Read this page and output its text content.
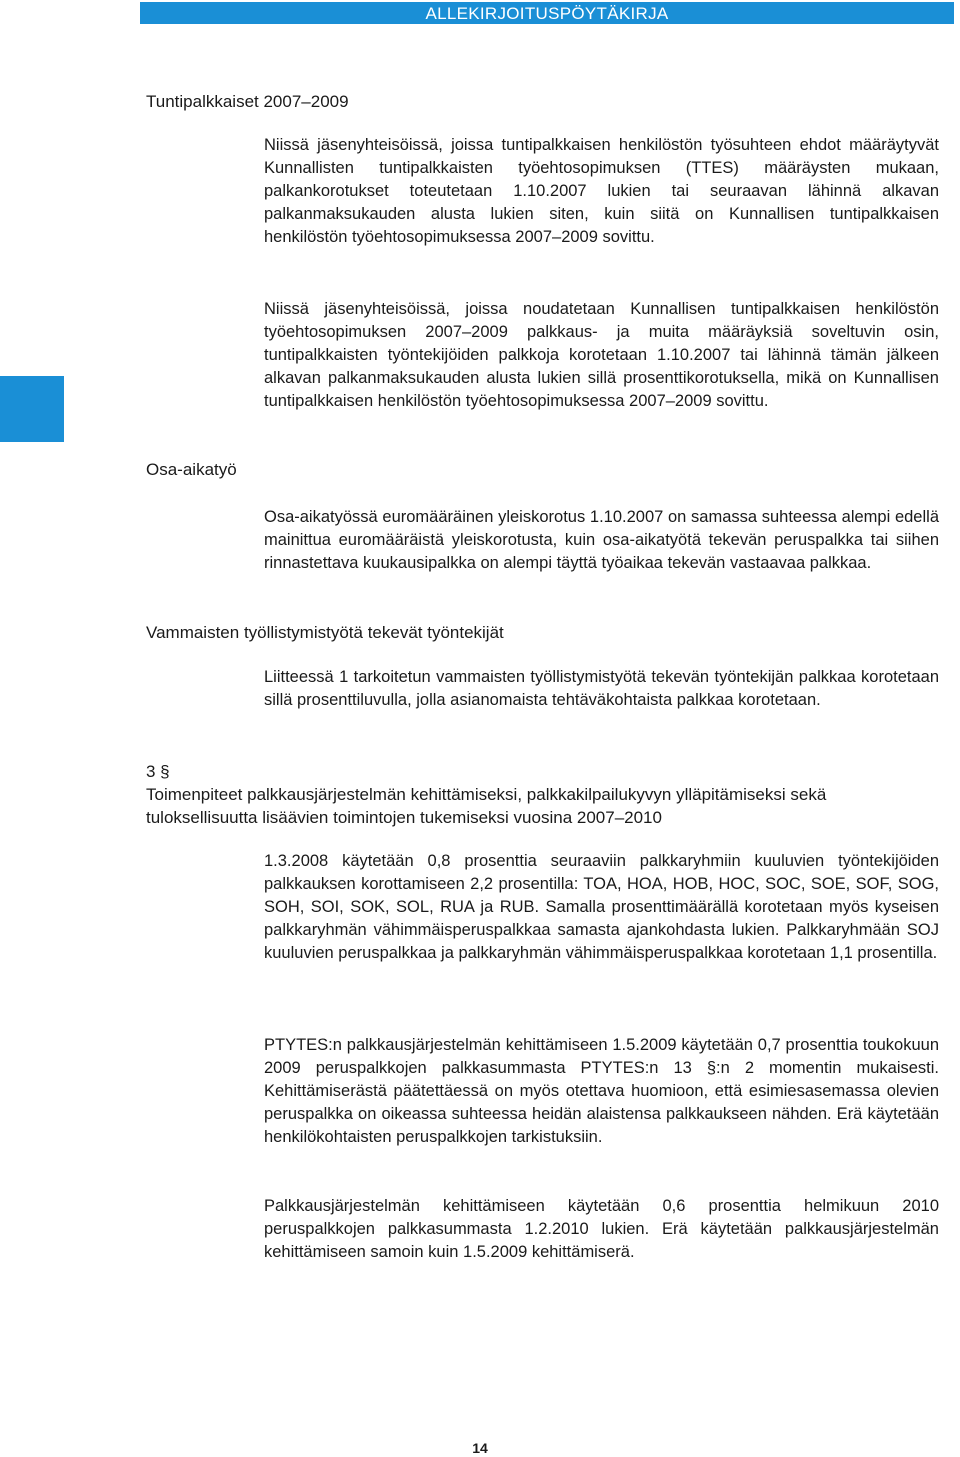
ALLEKIRJOITUSPÖYTÄKIRJA
Tuntipalkkaiset 2007–2009

Niissä jäsenyhteisöissä, joissa tuntipalkkaisen henkilöstön työsuhteen ehdot määräytyvät Kunnallisten tuntipalkkaisten työehtosopimuksen (TTES) määräysten mukaan, palkankorotukset toteutetaan 1.10.2007 lukien tai seuraavan lähinnä alkavan palkanmaksukauden alusta lukien siten, kuin siitä on Kunnallisen tuntipalkkaisen henkilöstön työehtosopimuksessa 2007–2009 sovittu.

Niissä jäsenyhteisöissä, joissa noudatetaan Kunnallisen tuntipalkkaisen henkilöstön työehtosopimuksen 2007–2009 palkkaus- ja muita määräyksiä soveltuvin osin, tuntipalkkaisten työntekijöiden palkkoja korotetaan 1.10.2007 tai lähinnä tämän jälkeen alkavan palkanmaksukauden alusta lukien sillä prosenttikorotuksella, mikä on Kunnallisen tuntipalkkaisen henkilöstön työehtosopimuksessa 2007–2009 sovittu.

Osa-aikatyö

Osa-aikatyössä euromääräinen yleiskorotus 1.10.2007 on samassa suhteessa alempi edellä mainittua euromääräistä yleiskorotusta, kuin osa-aikatyötä tekevän peruspalkka tai siihen rinnastettava kuukausipalkka on alempi täyttä työaikaa tekevän vastaavaa palkkaa.

Vammaisten työllistymistyötä tekevät työntekijät

Liitteessä 1 tarkoitetun vammaisten työllistymistyötä tekevän työntekijän palkkaa korotetaan sillä prosenttiluvulla, jolla asianomaista tehtäväkohtaista palkkaa korotetaan.

3 §
Toimenpiteet palkkausjärjestelmän kehittämiseksi, palkkakilpailukyvyn ylläpitämiseksi sekä tuloksellisuutta lisäävien toimintojen tukemiseksi vuosina 2007–2010

1.3.2008 käytetään 0,8 prosenttia seuraaviin palkkaryhmiin kuuluvien työntekijöiden palkkauksen korottamiseen 2,2 prosentilla: TOA, HOA, HOB, HOC, SOC, SOE, SOF, SOG, SOH, SOI, SOK, SOL, RUA ja RUB. Samalla prosenttimäärällä korotetaan myös kyseisen palkkaryhmän vähimmäisperuspalkkaa samasta ajankohdasta lukien. Palkkaryhmään SOJ kuuluvien peruspalkkaa ja palkkaryhmän vähimmäisperuspalkkaa korotetaan 1,1 prosentilla.

PTYTES:n palkkausjärjestelmän kehittämiseen 1.5.2009 käytetään 0,7 prosenttia toukokuun 2009 peruspalkkojen palkkasummasta PTYTES:n 13 §:n 2 momentin mukaisesti. Kehittämiserästä päätettäessä on myös otettava huomioon, että esimiesasemassa olevien peruspalkka on oikeassa suhteessa heidän alaistensa palkkaukseen nähden. Erä käytetään henkilökohtaisten peruspalkkojen tarkistuksiin.

Palkkausjärjestelmän kehittämiseen käytetään 0,6 prosenttia helmikuun 2010 peruspalkkojen palkkasummasta 1.2.2010 lukien. Erä käytetään palkkausjärjestelmän kehittämiseen samoin kuin 1.5.2009 kehittämiserä.

14
